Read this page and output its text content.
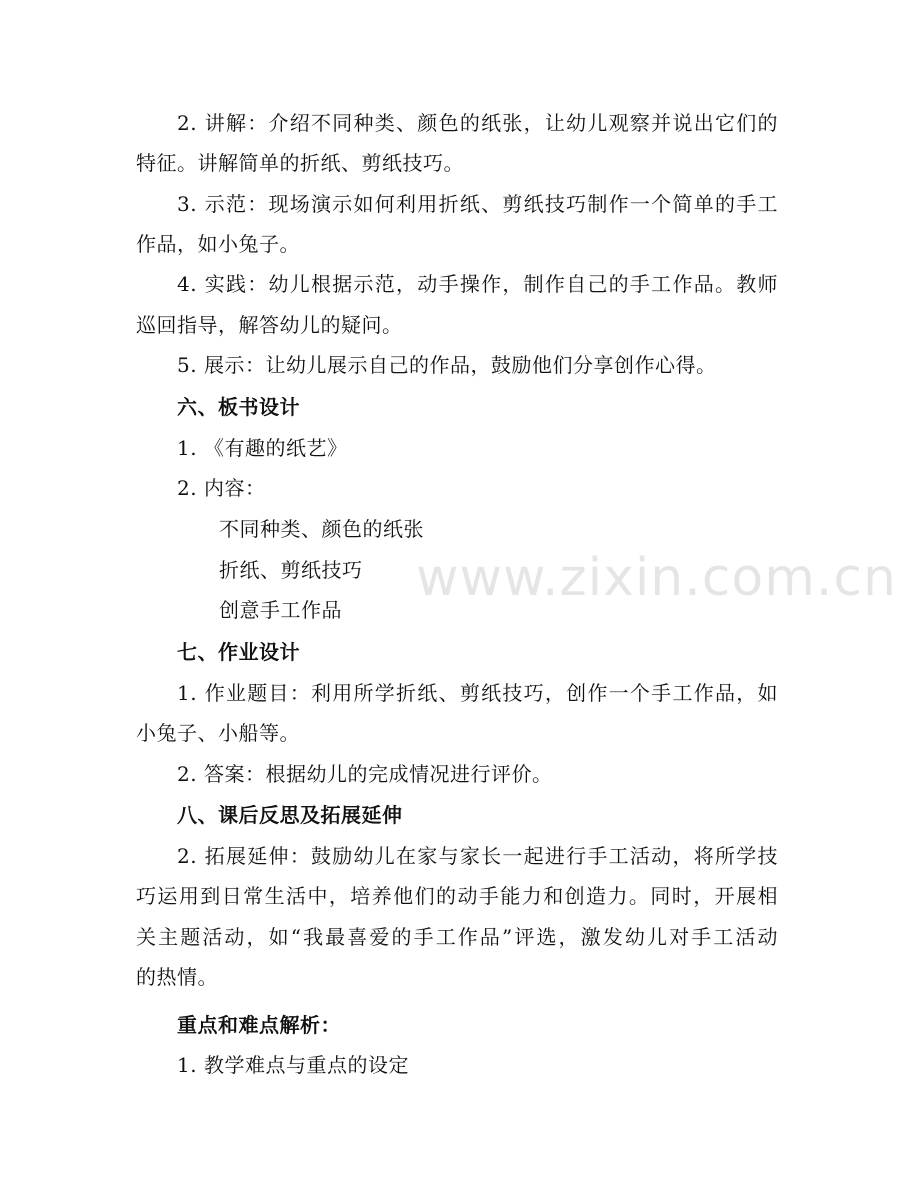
2. 讲解：介绍不同种类、颜色的纸张，让幼儿观察并说出它们的
特征。讲解简单的折纸、剪纸技巧。
3. 示范：现场演示如何利用折纸、剪纸技巧制作一个简单的手工
作品，如小兔子。
4. 实践：幼儿根据示范，动手操作，制作自己的手工作品。教师
巡回指导，解答幼儿的疑问。
5. 展示：让幼儿展示自己的作品，鼓励他们分享创作心得。
六、板书设计
1. 《有趣的纸艺》
2. 内容：
不同种类、颜色的纸张
折纸、剪纸技巧
创意手工作品
七、作业设计
1. 作业题目：利用所学折纸、剪纸技巧，创作一个手工作品，如
小兔子、小船等。
2. 答案：根据幼儿的完成情况进行评价。
八、课后反思及拓展延伸
2. 拓展延伸：鼓励幼儿在家与家长一起进行手工活动，将所学技
巧运用到日常生活中，培养他们的动手能力和创造力。同时，开展相
关主题活动，如“我最喜爱的手工作品”评选，激发幼儿对手工活动
的热情。
重点和难点解析：
1. 教学难点与重点的设定
www.zixin.com.cn
